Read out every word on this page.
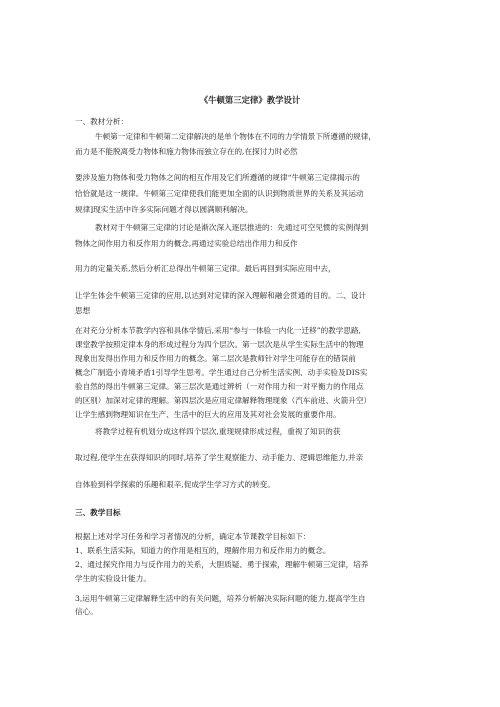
《牛顿第三定律》教学设计
一、教材分析：
牛顿第一定律和牛顿第二定律解决的是单个物体在不同的力学情景下所遵循的规律，
而力是不能脱离受力物体和施力物体而独立存在的,在探讨力时必然
要涉及施力物体和受力物体之间的相互作用及它们所遵循的规律“牛顿第三定律揭示的
恰恰就是这一规律。牛顿第三定律使我们能更加全面的认识到物质世界的关系及其运动
规律]现实生活中许多实际问题才得以圆满顺利解决。
教材对于牛顿第三定律的讨论是渐次深入逐层推进的：先通过可空见惯的实例得到
物体之间作用力和反作用力的概念,再通过实验总结出作用力和反作
用力的定量关系,然后分析汇总得出牛顿第三定律。最后再回到实际应用中去，
让学生体会牛顿第三定律的应用,以达到对定律的深入理解和融会贯通的目的。二、设计
思想
在对充分分析本节教学内容和具体学情后,采用“参与一体验一内化一迁移”的教学思路,
课堂教学按照定律本身的形成过程分为四个层次。第一层次是从学生实际生活中的物理
现象出发得出作用力和反作用力的概念。第二层次是教师针对学生可能存在的错误前
概念广制造小青境矛盾1引导学生思考。学生通过自己分析生活实例、动手实验及DIS实
验自然的得出牛顿第三定律。第三层次是通过辨析（一对作用力和一对平衡力的作用点
的区别）加深对定律的理解。第四层次是应用定律解释物理现象（汽车前进、火箭升空）
让学生感到物理知识在生产、生活中的巨大的应用及其对社会发展的重要作用。
将教学过程有机划分成这样四个层次,重现规律形成过程，重视了知识的获
取过程,使学生在获得知识的同时,培养了学生观察能力、动手能力、逻辑思维能力,并亲
自体验到科学探索的乐趣和艰辛,促成学生学习方式的转变。
三、教学目标
根据上述对学习任务和学习者情况的分析，确定本节课教学目标如下：
1、联系生活实际，知道力的作用是相互的，理解作用力和反作用力的概念。
2、通过探究作用力与反作用力的关系，大胆质疑、勇于探索，理解牛顿第三定律，培养
学生的实验设计能力。
3,运用牛顿第三定律解释生活中的有关问题，培养分析解决实际问题的能力,提高学生自
信心。
